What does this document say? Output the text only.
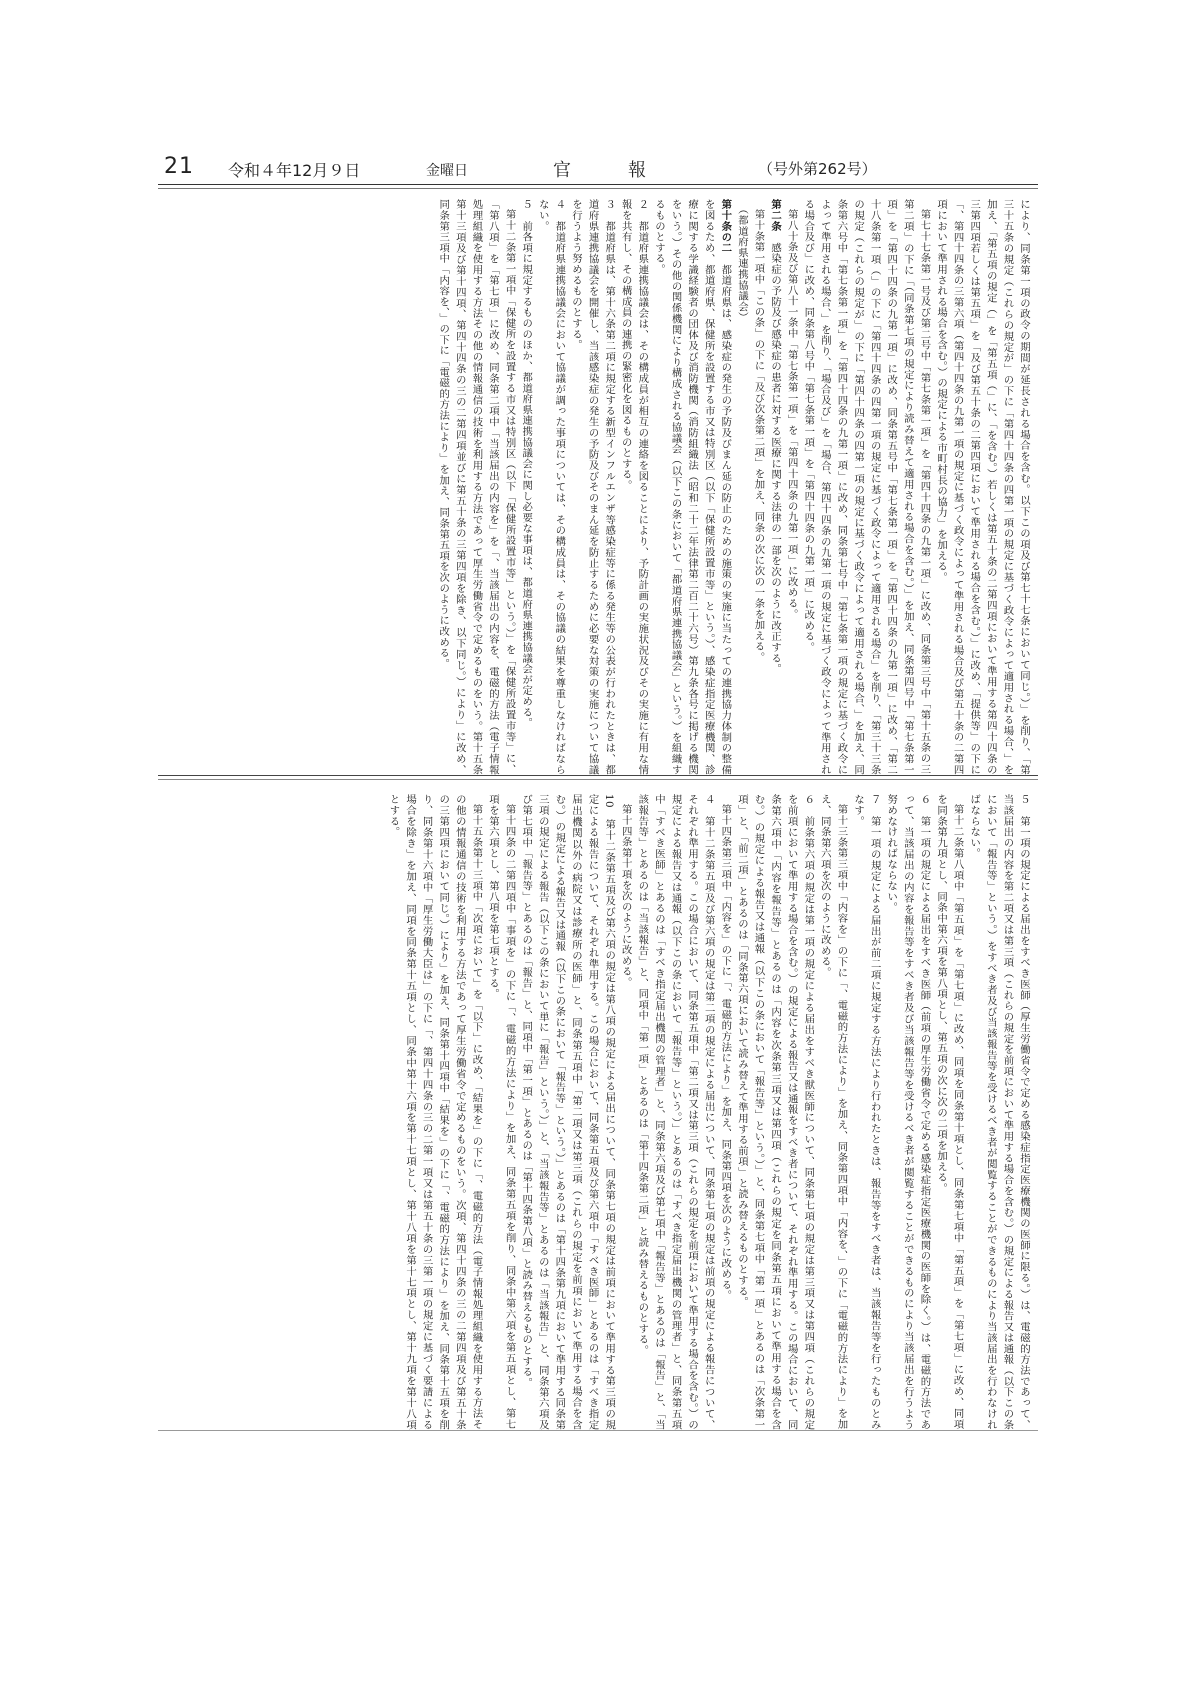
21 令和４年12月９日	金曜日	官	報	（号外第262号）

により、同条第一項の政令の期間が延長される場合を含む。以下この項及び第七十七条において同じ。）」を削り、「第三十五条の規定（これらの規定が」の下に「第四十四条の四第一項の規定に基づく政令によって適用される場合、」を加え、「第五項の規定（」を「第五項（」に、「を含む。）若しくは第五十条の二第四項において準用する第四十四条の三第四項若しくは第五項」を「及び第五十条の二第四項において準用される場合を含む。）」に改め、「提供等」の下に「、第四十四条の三第六項（第四十四条の九第一項の規定に基づく政令によって準用される場合及び第五十条の二第四項において準用される場合を含む。）の規定による市町村長の協力」を加える。

第七十七条第一号及び第二号中「第七条第一項」を「第四十四条の九第一項」に改め、同条第三号中「第十五条の三第二項」の下に「（同条第七項の規定により読み替えて適用される場合を含む。）」を加え、同条第四号中「第七条第一項」を「第四十四条の九第一項」に改め、同条第五号中「第七条第一項」を「第四十四条の九第一項」に改め、「第二十八条第一項（」の下に「第四十四条の四第一項の規定に基づく政令によって適用される場合」を削り、「第三十三条の規定（これらの規定が」の下に「第四十四条の四第一項の規定に基づく政令によって適用される場合、」を加え、同条第六号中「第七条第一項」を「第四十四条の九第一項」に改め、同条第七号中「第七条第一項の規定に基づく政令によって準用される場合、」を削り、「場合及び」を「場合、第四十四条の九第一項の規定に基づく政令によって準用される場合及び」に改め、同条第八号中「第七条第一項」を「第四十四条の九第一項」に改める。

第八十条及び第八十一条中「第七条第一項」を「第四十四条の九第一項」に改める。

第二条　感染症の予防及び感染症の患者に対する医療に関する法律の一部を次のように改正する。

第十条第一項中「この条」の下に「及び次条第二項」を加え、同条の次に次の一条を加える。

（都道府県連携協議会）

第十条の二　都道府県は、感染症の発生の予防及びまん延の防止のための施策の実施に当たっての連携協力体制の整備を図るため、都道府県、保健所を設置する市又は特別区（以下「保健所設置市等」という。）、感染症指定医療機関、診療に関する学識経験者の団体及び消防機関（消防組織法（昭和二十二年法律第二百二十六号）第九条各号に掲げる機関をいう。）その他の関係機関により構成される協議会（以下この条において「都道府県連携協議会」という。）を組織するものとする。

２　都道府県連携協議会は、その構成員が相互の連絡を図ることにより、予防計画の実施状況及びその実施に有用な情報を共有し、その構成員の連携の緊密化を図るものとする。

３　都道府県は、第十六条第二項に規定する新型インフルエンザ等感染症等に係る発生等の公表が行われたときは、都道府県連携協議会を開催し、当該感染症の発生の予防及びそのまん延を防止するために必要な対策の実施について協議を行うよう努めるものとする。

４　都道府県連携協議会において協議が調った事項については、その構成員は、その協議の結果を尊重しなければならない。

５　前各項に規定するもののほか、都道府県連携協議会に関し必要な事項は、都道府県連携協議会が定める。

第十二条第一項中「保健所を設置する市又は特別区（以下「保健所設置市等」という。）」を「保健所設置市等」に、「第八項」を「第七項」に改め、同条第二項中「当該届出の内容を」を「、当該届出の内容を、電磁的方法（電子情報処理組織を使用する方法その他の情報通信の技術を利用する方法であって厚生労働省令で定めるものをいう。第十五条第十三項及び第十四項、第四十四条の三の二第四項並びに第五十条の三第四項を除き、以下同じ。）により」に改め、同条第三項中「内容を、」の下に「電磁的方法により」を加え、同条第五項を次のように改める。

５　第一項の規定による届出をすべき医師（厚生労働省令で定める感染症指定医療機関の医師に限る。）は、電磁的方法であって、当該届出の内容を第二項又は第三項（これらの規定を前項において準用する場合を含む。）の規定による報告又は通報（以下この条において「報告等」という。）をすべき者及び当該報告等を受けるべき者が閲覧することができるものにより当該届出を行わなければならない。

第十二条第八項中「第五項」を「第七項」に改め、同項を同条第十項とし、同条第七項中「第五項」を「第七項」に改め、同項を同条第九項とし、同条中第六項を第八項とし、第五項の次に次の二項を加える。

６　第一項の規定による届出をすべき医師（前項の厚生労働省令で定める感染症指定医療機関の医師を除く。）は、電磁的方法であって、当該届出の内容を報告等をすべき者及び当該報告等を受けるべき者が閲覧することができるものにより当該届出を行うよう努めなければならない。

７　第一項の規定による届出が前二項に規定する方法により行われたときは、報告等をすべき者は、当該報告等を行ったものとみなす。

第十三条第三項中「内容を」の下に「、電磁的方法により」を加え、同条第四項中「内容を、」の下に「電磁的方法により」を加え、同条第六項を次のように改める。

６　前条第六項の規定は第一項の規定による届出をすべき獣医師について、同条第七項の規定は第三項又は第四項（これらの規定を前項において準用する場合を含む。）の規定による報告又は通報をすべき者について、それぞれ準用する。この場合において、同条第六項中「内容を報告等」とあるのは「内容を次条第三項又は第四項（これらの規定を同条第五項において準用する場合を含む。）の規定による報告又は通報（以下この条において「報告等」という。）」と、同条第七項中「第一項」とあるのは「次条第一項」と、「前二項」とあるのは「同条第六項において読み替えて準用する前項」と読み替えるものとする。

第十四条第三項中「内容を」の下に「、電磁的方法により」を加え、同条第四項を次のように改める。

４　第十二条第五項及び第六項の規定は第二項の規定による届出について、同条第七項の規定は前項の規定による報告について、それぞれ準用する。この場合において、同条第五項中「第二項又は第三項（これらの規定を前項において準用する場合を含む。）の規定による報告又は通報（以下この条において「報告等」という。）」とあるのは「すべき指定届出機関の管理者」と、同条第五項中「すべき医師」とあるのは「すべき指定届出機関の管理者」と、同条第六項及び第七項中「報告等」とあるのは「報告」と、「当該報告等」とあるのは「当該報告」と、同項中「第一項」とあるのは「第十四条第二項」と読み替えるものとする。

第十四条第十項を次のように改める。

10　第十二条第五項及び第六項の規定は第八項の規定による届出について、同条第七項の規定は前項において準用する第三項の規定による報告について、それぞれ準用する。この場合において、同条第五項及び第六項中「すべき医師」とあるのは「すべき指定届出機関以外の病院又は診療所の医師」と、同条第五項中「第二項又は第三項（これらの規定を前項において準用する場合を含む。）の規定による報告又は通報（以下この条において「報告等」という。）」とあるのは「第十四条第九項において準用する同条第三項の規定による報告（以下この条において単に「報告」という。）」と、「当該報告等」とあるのは「当該報告」と、同条第六項及び第七項中「報告等」とあるのは「報告」と、同項中「第一項」とあるのは「第十四条第八項」と読み替えるものとする。

第十四条の二第四項中「事項を」の下に「、電磁的方法により」を加え、同条第五項を削り、同条中第六項を第五項とし、第七項を第六項とし、第八項を第七項とする。

第十五条第十三項中「次項において」を「以下」に改め、「結果を」の下に「、電磁的方法（電子情報処理組織を使用する方法その他の情報通信の技術を利用する方法であって厚生労働省令で定めるものをいう。次項、第四十四条の三の二第四項及び第五十条の三第四項において同じ。）により」を加え、同条第十四項中「結果を」の下に「、電磁的方法により」を加え、同条第十五項を削り、同条第十六項中「厚生労働大臣は」の下に「、第四十四条の三の二第一項又は第五十条の三第一項の規定に基づく要請による場合を除き」を加え、同項を同条第十五項とし、同条中第十六項を第十七項とし、第十八項を第十七項とし、第十九項を第十八項とする。
